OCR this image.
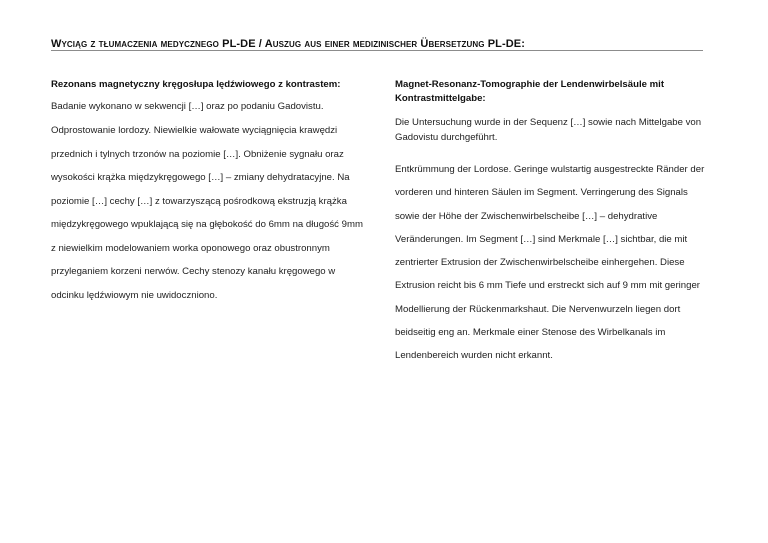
Wyciąg z tłumaczenia medycznego PL-DE / Auszug aus einer medizinischer Übersetzung PL-DE:

Rezonans magnetyczny kręgosłupa lędźwiowego z kontrastem:

Badanie wykonano w sekwencji […] oraz po podaniu Gadovistu.

Odprostowanie lordozy. Niewielkie wałowate wyciągnięcia krawędzi przednich i tylnych trzonów na poziomie […]. Obniżenie sygnału oraz wysokości krążka międzykręgowego […] – zmiany dehydratacyjne. Na poziomie […] cechy […] z towarzyszącą pośrodkową ekstruzją krążka międzykręgowego wpuklającą się na głębokość do 6mm na długość 9mm z niewielkim modelowaniem worka oponowego oraz obustronnym przyleganiem korzeni nerwów. Cechy stenozy kanału kręgowego w odcinku lędźwiowym nie uwidoczniono.

Magnet-Resonanz-Tomographie der Lendenwirbelsäule mit Kontrastmittelgabe:

Die Untersuchung wurde in der Sequenz […] sowie nach Mittelgabe von Gadovistu durchgeführt.

Entkrümmung der Lordose. Geringe wulstartig ausgestreckte Ränder der vorderen und hinteren Säulen im Segment. Verringerung des Signals sowie der Höhe der Zwischenwirbelscheibe […] – dehydrative Veränderungen. Im Segment […] sind Merkmale […] sichtbar, die mit zentrierter Extrusion der Zwischenwirbelscheibe einhergehen. Diese Extrusion reicht bis 6 mm Tiefe und erstreckt sich auf 9 mm mit geringer Modellierung der Rückenmarkshaut. Die Nervenwurzeln liegen dort beidseitig eng an. Merkmale einer Stenose des Wirbelkanals im Lendenbereich wurden nicht erkannt.
